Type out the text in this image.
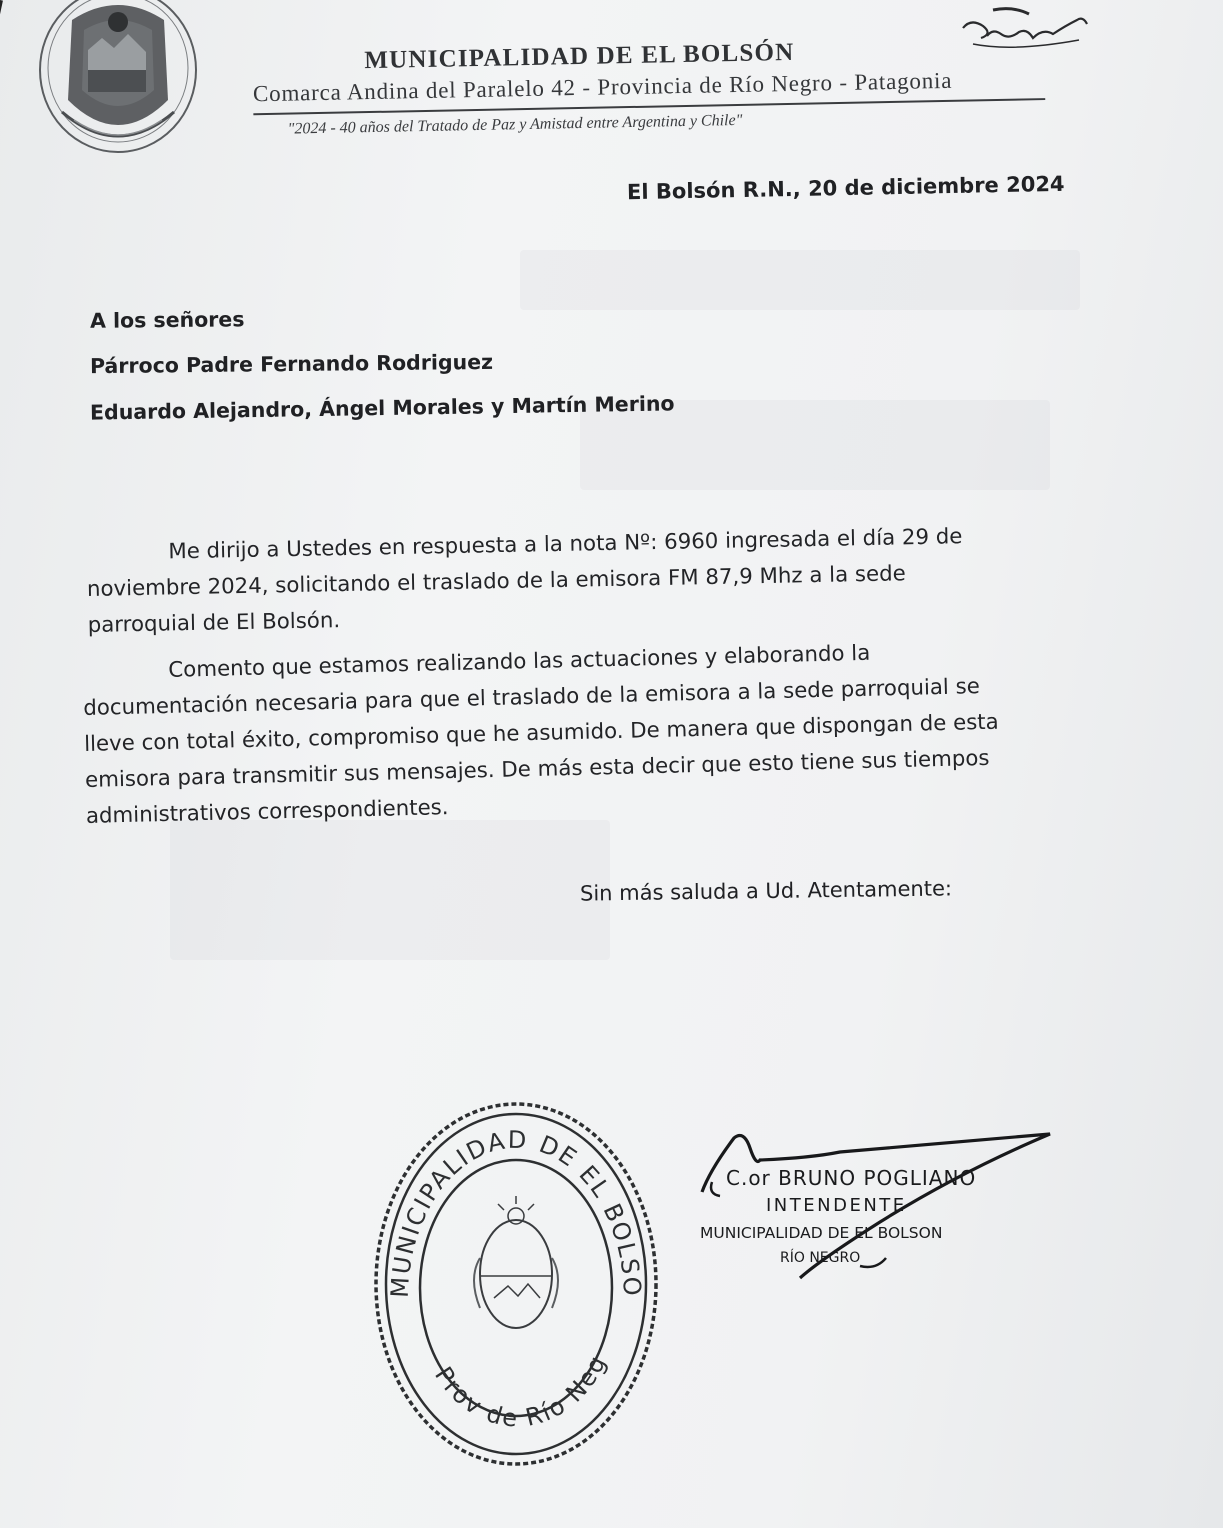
MUNICIPALIDAD DE EL BOLSÓN
Comarca Andina del Paralelo 42 - Provincia de Río Negro - Patagonia
"2024 - 40 años del Tratado de Paz y Amistad entre Argentina y Chile"
El Bolsón R.N., 20 de diciembre 2024
A los señores
Párroco Padre Fernando Rodriguez
Eduardo Alejandro, Ángel Morales y Martín Merino
Me dirijo a Ustedes en respuesta a la nota Nº: 6960 ingresada el día 29 de
noviembre 2024, solicitando el traslado de la emisora FM 87,9 Mhz a la sede
parroquial de El Bolsón.
Comento que estamos realizando las actuaciones y elaborando la
documentación necesaria para que el traslado de la emisora a la sede parroquial se
lleve con total éxito, compromiso que he asumido. De manera que dispongan de esta
emisora para transmitir sus mensajes. De más esta decir que esto tiene sus tiempos
administrativos correspondientes.
Sin más saluda a Ud. Atentamente:
MUNICIPALIDAD DE EL BOLSO
Prov de Río Neg
C.or BRUNO POGLIANO
INTENDENTE
MUNICIPALIDAD DE EL BOLSON
RÍO NEGRO
